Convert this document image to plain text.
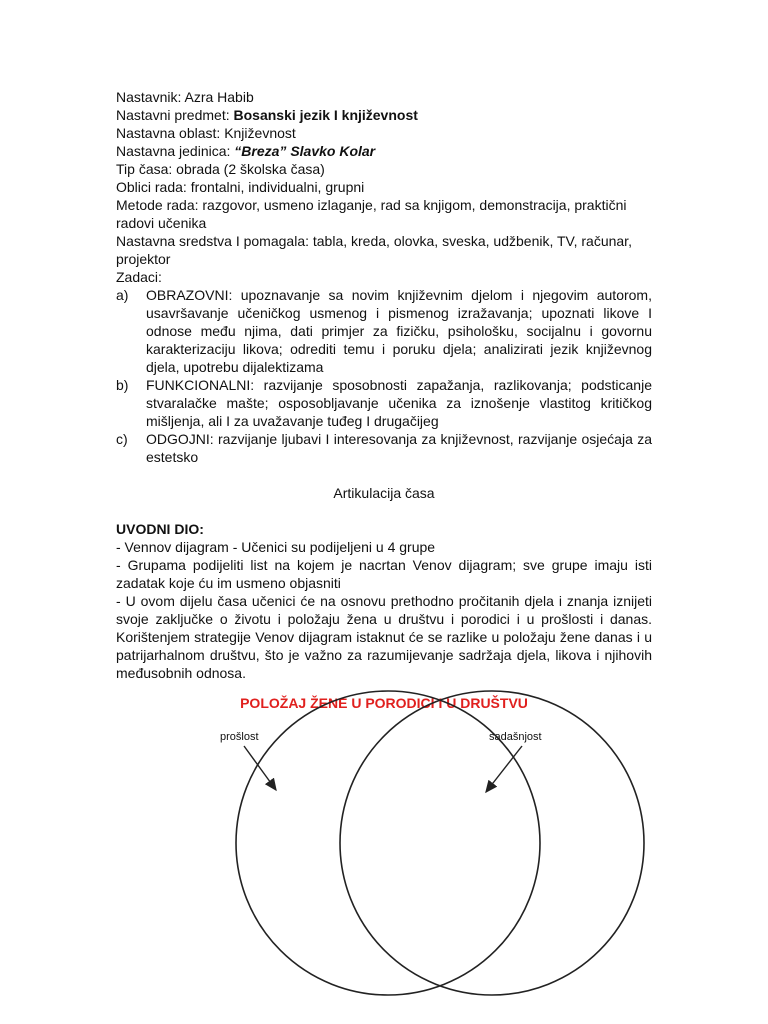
Nastavnik: Azra Habib

Nastavni predmet: Bosanski jezik I književnost

Nastavna oblast: Književnost

Nastavna jedinica: “Breza” Slavko Kolar

Tip časa: obrada (2 školska časa)

Oblici rada: frontalni, individualni, grupni

Metode rada: razgovor, usmeno izlaganje, rad sa knjigom, demonstracija, praktični

radovi učenika

Nastavna sredstva I pomagala: tabla, kreda, olovka, sveska, udžbenik, TV, računar,

projektor

Zadaci:

a) OBRAZOVNI: upoznavanje sa novim književnim djelom i njegovim autorom, usavršavanje učeničkog usmenog i pismenog izražavanja; upoznati likove I odnose među njima, dati primjer za fizičku, psihološku, socijalnu i govornu karakterizaciju likova; odrediti temu i poruku djela; analizirati jezik književnog djela, upotrebu dijalektizama
b) FUNKCIONALNI: razvijanje sposobnosti zapažanja, razlikovanja; podsticanje stvaralačke mašte; osposobljavanje učenika za iznošenje vlastitog kritičkog mišljenja, ali I za uvažavanje tuđeg I drugačijeg
c) ODGOJNI: razvijanje ljubavi I interesovanja za književnost, razvijanje osjećaja za estetsko

Artikulacija časa

UVODNI DIO:

- Vennov dijagram - Učenici su podijeljeni u 4 grupe

- Grupama podijeliti list na kojem je nacrtan Venov dijagram; sve grupe imaju isti zadatak koje ću im usmeno objasniti

- U ovom dijelu časa učenici će na osnovu prethodno pročitanih djela i znanja iznijeti svoje zaključke o životu i položaju žena u društvu i porodici i u prošlosti i danas. Korištenjem strategije Venov dijagram istaknut će se razlike u položaju žene danas i u patrijarhalnom društvu, što je važno za razumijevanje sadržaja djela, likova i njihovih međusobnih odnosa.

POLOŽAJ ŽENE U PORODICI I U DRUŠTVU
prošlost	sadašnjost
